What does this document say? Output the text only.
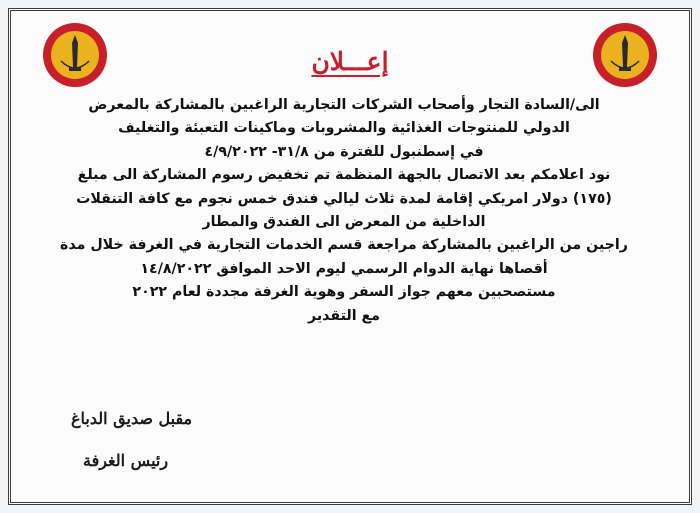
إعـــلان
الى/السادة التجار وأصحاب الشركات التجارية الراغبين بالمشاركة بالمعرض
الدولي للمنتوجات الغذائية والمشروبات وماكينات التعبئة والتغليف
في إسطنبول للفترة من ٣١/٨- ٤/٩/٢٠٢٢
نود اعلامكم بعد الاتصال بالجهة المنظمة تم تخفيض رسوم المشاركة الى مبلغ
(١٧٥) دولار امريكي إقامة لمدة ثلاث ليالي فندق خمس نجوم مع كافة التنقلات
الداخلية من المعرض الى الفندق والمطار
راجين من الراغبين بالمشاركة مراجعة قسم الخدمات التجارية في الغرفة خلال مدة
أقصاها نهاية الدوام الرسمي ليوم الاحد الموافق ١٤/٨/٢٠٢٢
مستصحبين معهم جواز السفر وهوية الغرفة مجددة لعام ٢٠٢٢
مع التقدير
مقبل صديق الدباغ
رئيس الغرفة
